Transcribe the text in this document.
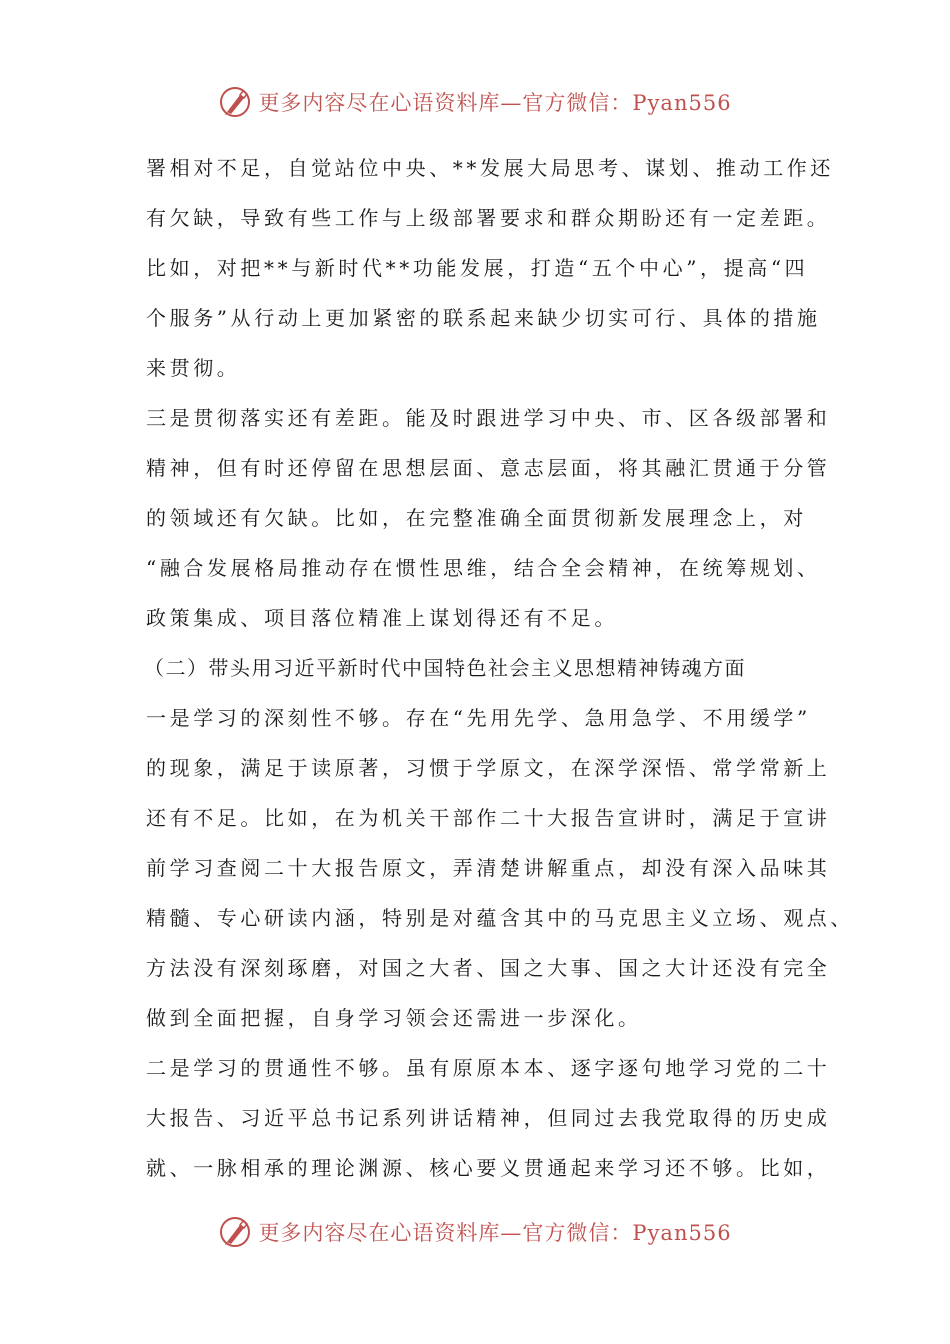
更多内容尽在心语资料库—官方微信：Pyan556
署相对不足，自觉站位中央、**发展大局思考、谋划、推动工作还
有欠缺，导致有些工作与上级部署要求和群众期盼还有一定差距。
比如，对把**与新时代**功能发展，打造“五个中心”，提高“四
个服务”从行动上更加紧密的联系起来缺少切实可行、具体的措施
来贯彻。
三是贯彻落实还有差距。能及时跟进学习中央、市、区各级部署和
精神，但有时还停留在思想层面、意志层面，将其融汇贯通于分管
的领域还有欠缺。比如，在完整准确全面贯彻新发展理念上，对
“融合发展格局推动存在惯性思维，结合全会精神，在统筹规划、
政策集成、项目落位精准上谋划得还有不足。
（二）带头用习近平新时代中国特色社会主义思想精神铸魂方面
一是学习的深刻性不够。存在“先用先学、急用急学、不用缓学”
的现象，满足于读原著，习惯于学原文，在深学深悟、常学常新上
还有不足。比如，在为机关干部作二十大报告宣讲时，满足于宣讲
前学习查阅二十大报告原文，弄清楚讲解重点，却没有深入品味其
精髓、专心研读内涵，特别是对蕴含其中的马克思主义立场、观点、
方法没有深刻琢磨，对国之大者、国之大事、国之大计还没有完全
做到全面把握，自身学习领会还需进一步深化。
二是学习的贯通性不够。虽有原原本本、逐字逐句地学习党的二十
大报告、习近平总书记系列讲话精神，但同过去我党取得的历史成
就、一脉相承的理论渊源、核心要义贯通起来学习还不够。比如，
更多内容尽在心语资料库—官方微信：Pyan556
